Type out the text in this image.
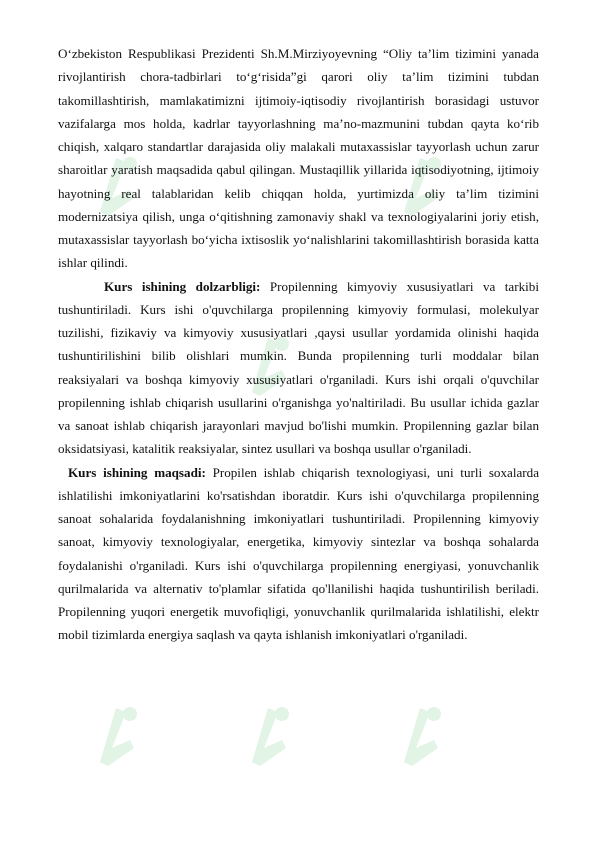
O‘zbekiston Respublikasi Prezidenti Sh.M.Mirziyoyevning “Oliy ta’lim tizimini yanada rivojlantirish chora-tadbirlari to‘g‘risida”gi qarori oliy ta’lim tizimini tubdan takomillashtirish, mamlakatimizni ijtimoiy-iqtisodiy rivojlantirish borasidagi ustuvor vazifalarga mos holda, kadrlar tayyorlashning ma’no-mazmunini tubdan qayta ko‘rib chiqish, xalqaro standartlar darajasida oliy malakali mutaxassislar tayyorlash uchun zarur sharoitlar yaratish maqsadida qabul qilingan. Mustaqillik yillarida iqtisodiyotning, ijtimoiy hayotning real talablaridan kelib chiqqan holda, yurtimizda oliy ta’lim tizimini modernizatsiya qilish, unga o‘qitishning zamonaviy shakl va texnologiyalarini joriy etish, mutaxassislar tayyorlash bo‘yicha ixtisoslik yo‘nalishlarini takomillashtirish borasida katta ishlar qilindi.

Kurs ishining dolzarbligi: Propilenning kimyoviy xususiyatlari va tarkibi tushuntiriladi. Kurs ishi o'quvchilarga propilenning kimyoviy formulasi, molekulyar tuzilishi, fizikaviy va kimyoviy xususiyatlari ,qaysi usullar yordamida olinishi haqida tushuntirilishini bilib olishlari mumkin. Bunda propilenning turli moddalar bilan reaksiyalari va boshqa kimyoviy xususiyatlari o'rganiladi. Kurs ishi orqali o'quvchilar propilenning ishlab chiqarish usullarini o'rganishga yo'naltiriladi. Bu usullar ichida gazlar va sanoat ishlab chiqarish jarayonlari mavjud bo'lishi mumkin. Propilenning gazlar bilan oksidatsiyasi, katalitik reaksiyalar, sintez usullari va boshqa usullar o'rganiladi.

Kurs ishining maqsadi: Propilen ishlab chiqarish texnologiyasi, uni turli soxalarda ishlatilishi imkoniyatlarini ko'rsatishdan iboratdir. Kurs ishi o'quvchilarga propilenning sanoat sohalarida foydalanishning imkoniyatlari tushuntiriladi. Propilenning kimyoviy sanoat, kimyoviy texnologiyalar, energetika, kimyoviy sintezlar va boshqa sohalarda foydalanishi o'rganiladi. Kurs ishi o'quvchilarga propilenning energiyasi, yonuvchanlik qurilmalarida va alternativ to'plamlar sifatida qo'llanilishi haqida tushuntirilish beriladi. Propilenning yuqori energetik muvofiqligi, yonuvchanlik qurilmalarida ishlatilishi, elektr mobil tizimlarda energiya saqlash va qayta ishlanish imkoniyatlari o'rganiladi.
